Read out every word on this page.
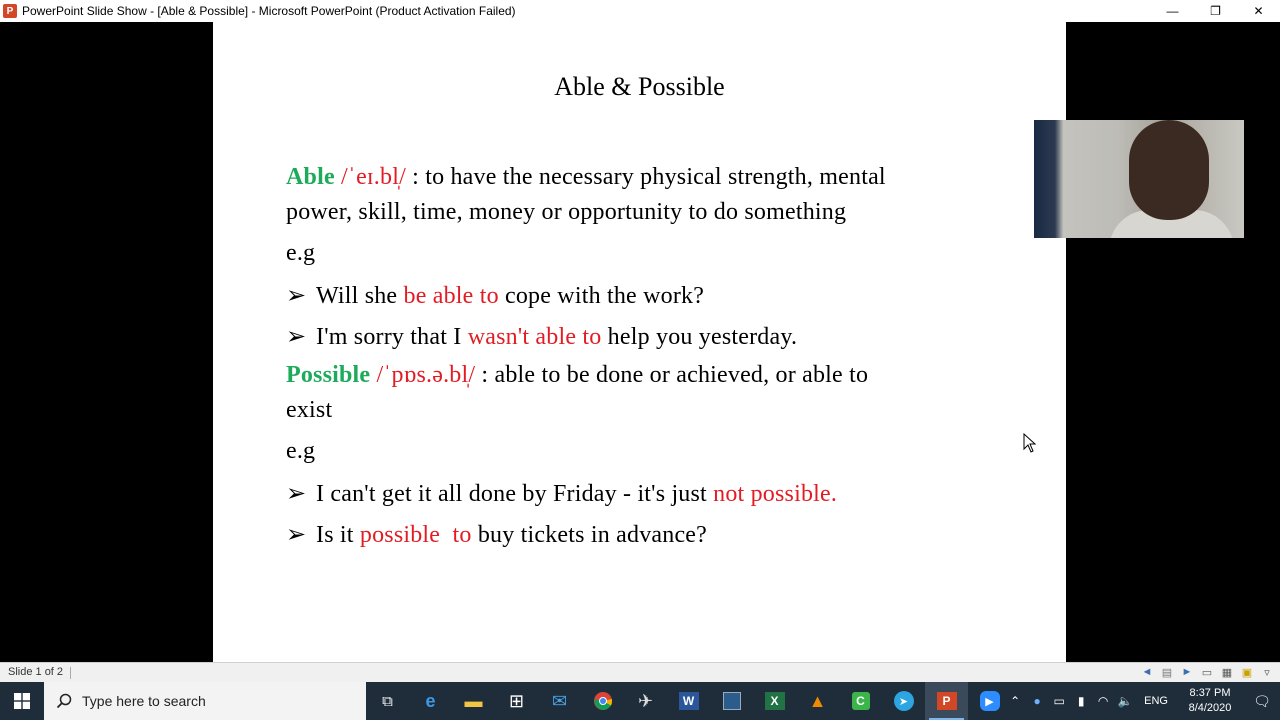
P PowerPoint Slide Show - [Able & Possible] - Microsoft PowerPoint (Product Activation Failed)	—	❐	✕
Able & Possible
Able /ˈeɪ.bl̩/ : to have the necessary physical strength, mental
power, skill, time, money or opportunity to do something
e.g
➢ Will she be able to cope with the work?
➢ I'm sorry that I wasn't able to help you yesterday.
Possible /ˈpɒs.ə.bl̩/ : able to be done or achieved, or able to
exist
e.g
➢ I can't get it all done by Friday - it's just not possible.
➢ Is it possible  to buy tickets in advance?
Slide 1 of 2	◄ ▤ ► ▭ ▦ ▣	▿
Type here to search	⧉	e	▬	⊞	✉	✈	W	X	▲	C	➤	P	▶	⌃	●	▭	▮	◠ 🔈	ENG
8:37 PM
8/4/2020	🗨
